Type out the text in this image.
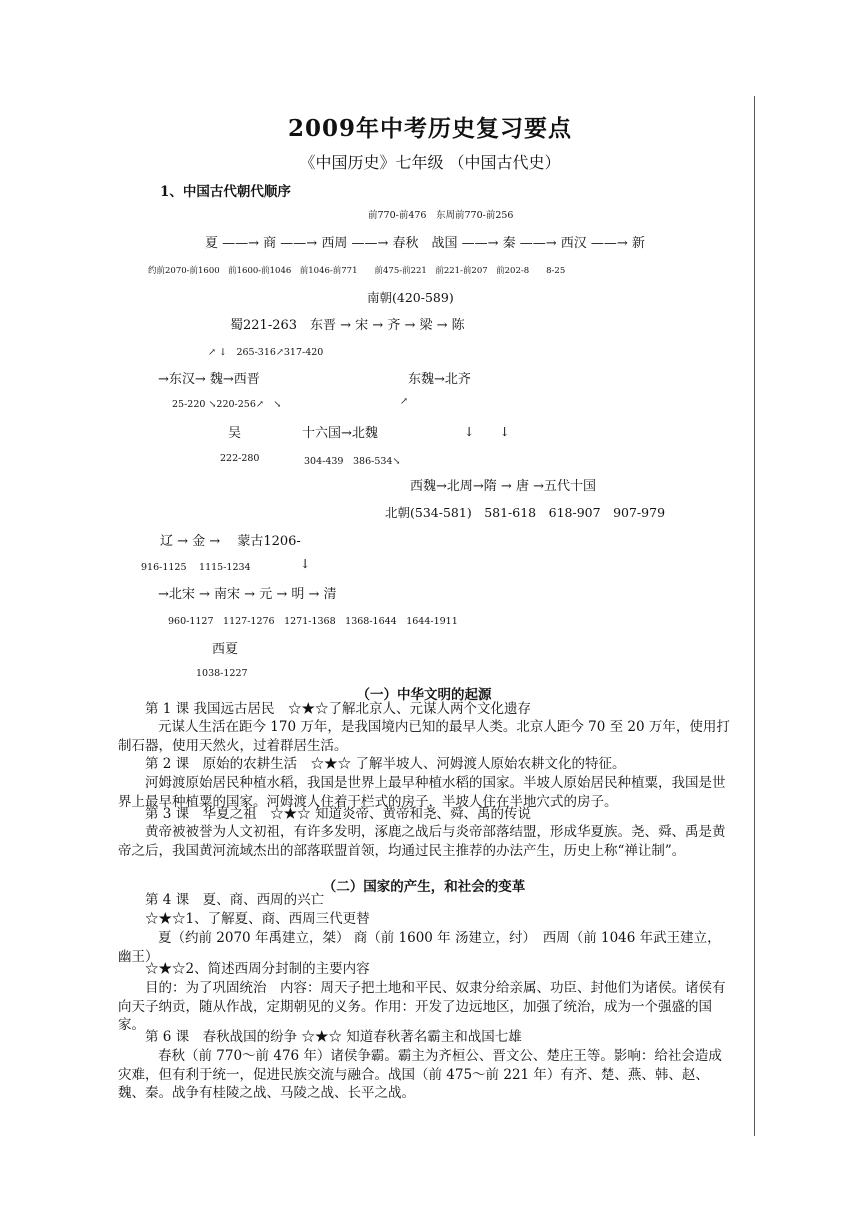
2009年中考历史复习要点
《中国历史》七年级 （中国古代史）
1、中国古代朝代顺序
前770-前476　东周前770-前256
夏 ——→ 商 ——→ 西周 ——→ 春秋　战国 ——→ 秦 ——→ 西汉 ——→ 新
约前2070-前1600　前1600-前1046　前1046-前771　　前475-前221　前221-前207　前202-8　　8-25
南朝(420-589)
蜀221-263　东晋 → 宋 → 齐 → 梁 → 陈
↗ ↓　265-316↗317-420
→东汉→ 魏→西晋	东魏→北齐
25-220 ↘220-256↗　↘	↗
吴	十六国→北魏	↓　　↓
222-280	304-439　386-534↘
西魏→北周→隋 → 唐 →五代十国
北朝(534-581)　581-618　618-907　907-979
辽 → 金 → 　蒙古1206-
916-1125　 1115-1234	↓
→北宋 → 南宋 → 元 → 明 → 清
960-1127　1127-1276　1271-1368　1368-1644　1644-1911
西夏
1038-1227
（一）中华文明的起源

第 1 课 我国远古居民　☆★☆了解北京人、元谋人两个文化遗存

元谋人生活在距今 170 万年，是我国境内已知的最早人类。北京人距今 70 至 20 万年，使用打制石器，使用天然火，过着群居生活。

第 2 课　原始的农耕生活　☆★☆ 了解半坡人、河姆渡人原始农耕文化的特征。

河姆渡原始居民种植水稻，我国是世界上最早种植水稻的国家。半坡人原始居民种植粟，我国是世界上最早种植粟的国家。河姆渡人住着干栏式的房子，半坡人住在半地穴式的房子。

第 3 课　华夏之祖　☆★☆ 知道炎帝、黄帝和尧、舜、禹的传说

黄帝被被誉为人文初祖，有许多发明，涿鹿之战后与炎帝部落结盟，形成华夏族。尧、舜、禹是黄帝之后，我国黄河流域杰出的部落联盟首领，均通过民主推荐的办法产生，历史上称“禅让制”。

（二）国家的产生，和社会的变革

第 4 课　夏、商、西周的兴亡

☆★☆1、了解夏、商、西周三代更替

夏（约前 2070 年禹建立，桀） 商（前 1600 年 汤建立，纣）　西周（前 1046 年武王建立，幽王）

☆★☆2、简述西周分封制的主要内容

目的：为了巩固统治　内容：周天子把土地和平民、奴隶分给亲属、功臣、封他们为诸侯。诸侯有向天子纳贡，随从作战，定期朝见的义务。作用：开发了边远地区，加强了统治，成为一个强盛的国家。

第 6 课　春秋战国的纷争 ☆★☆ 知道春秋著名霸主和战国七雄

春秋（前 770～前 476 年）诸侯争霸。霸主为齐桓公、晋文公、楚庄王等。影响：给社会造成灾难，但有利于统一，促进民族交流与融合。战国（前 475～前 221 年）有齐、楚、燕、韩、赵、魏、秦。战争有桂陵之战、马陵之战、长平之战。
